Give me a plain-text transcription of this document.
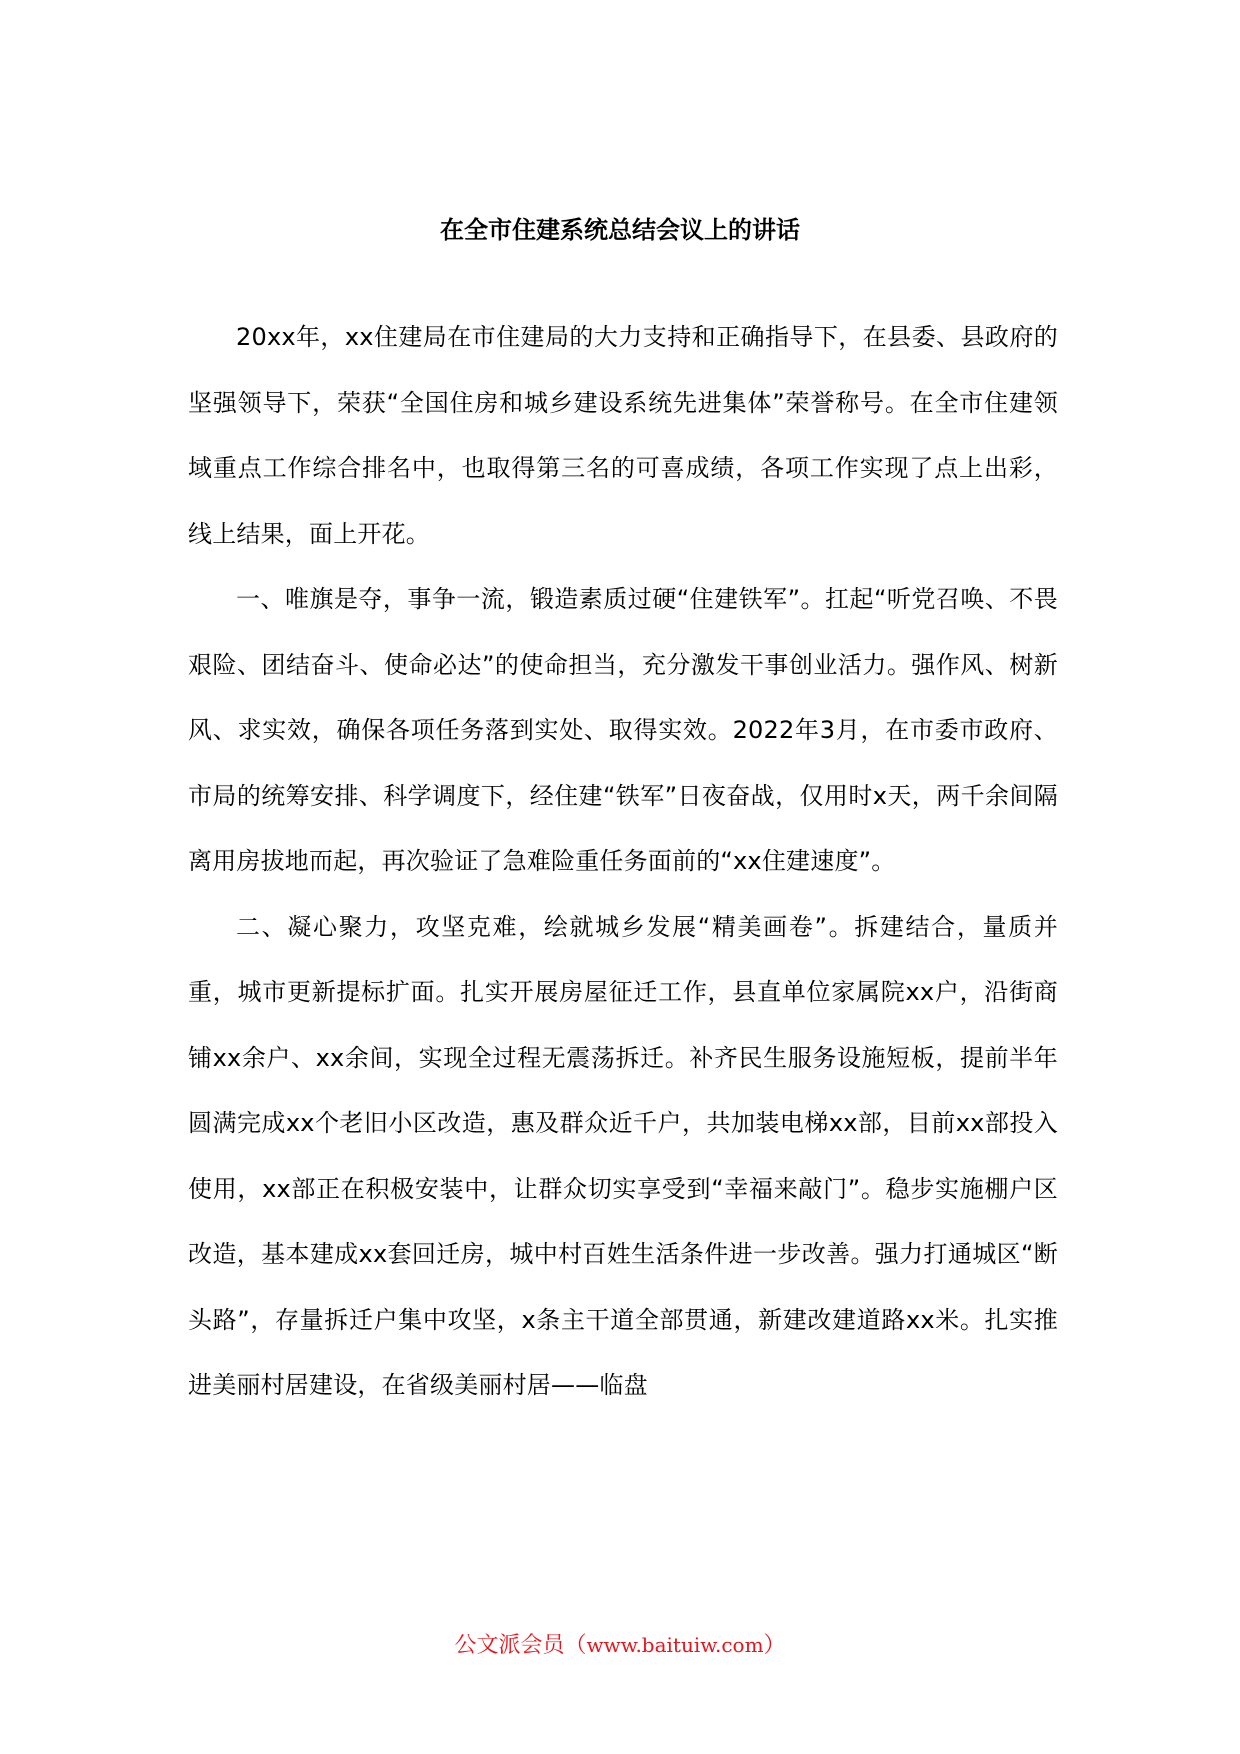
在全市住建系统总结会议上的讲话

20xx年，xx住建局在市住建局的大力支持和正确指导下，在县委、县政府的坚强领导下，荣获“全国住房和城乡建设系统先进集体”荣誉称号。在全市住建领域重点工作综合排名中，也取得第三名的可喜成绩，各项工作实现了点上出彩，线上结果，面上开花。

一、唯旗是夺，事争一流，锻造素质过硬“住建铁军”。扛起“听党召唤、不畏艰险、团结奋斗、使命必达”的使命担当，充分激发干事创业活力。强作风、树新风、求实效，确保各项任务落到实处、取得实效。2022年3月，在市委市政府、市局的统筹安排、科学调度下，经住建“铁军”日夜奋战，仅用时x天，两千余间隔离用房拔地而起，再次验证了急难险重任务面前的“xx住建速度”。

二、凝心聚力，攻坚克难，绘就城乡发展“精美画卷”。拆建结合，量质并重，城市更新提标扩面。扎实开展房屋征迁工作，县直单位家属院xx户，沿街商铺xx余户、xx余间，实现全过程无震荡拆迁。补齐民生服务设施短板，提前半年圆满完成xx个老旧小区改造，惠及群众近千户，共加装电梯xx部，目前xx部投入使用，xx部正在积极安装中，让群众切实享受到“幸福来敲门”。稳步实施棚户区改造，基本建成xx套回迁房，城中村百姓生活条件进一步改善。强力打通城区“断头路”，存量拆迁户集中攻坚，x条主干道全部贯通，新建改建道路xx米。扎实推进美丽村居建设，在省级美丽村居——临盘

公文派会员（www.baituiw.com）
